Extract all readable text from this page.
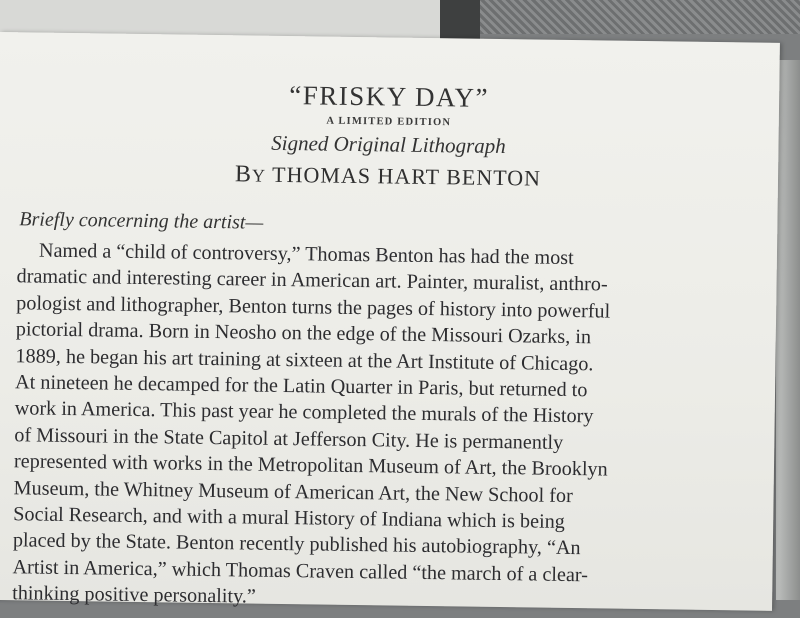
“FRISKY DAY”
A LIMITED EDITION
Signed Original Lithograph
BY THOMAS HART BENTON
Briefly concerning the artist—
Named a “child of controversy,” Thomas Benton has had the most
dramatic and interesting career in American art. Painter, muralist, anthro-
pologist and lithographer, Benton turns the pages of history into powerful
pictorial drama. Born in Neosho on the edge of the Missouri Ozarks, in
1889, he began his art training at sixteen at the Art Institute of Chicago.
At nineteen he decamped for the Latin Quarter in Paris, but returned to
work in America. This past year he completed the murals of the History
of Missouri in the State Capitol at Jefferson City. He is permanently
represented with works in the Metropolitan Museum of Art, the Brooklyn
Museum, the Whitney Museum of American Art, the New School for
Social Research, and with a mural History of Indiana which is being
placed by the State. Benton recently published his autobiography, “An
Artist in America,” which Thomas Craven called “the march of a clear-
thinking positive personality.”
